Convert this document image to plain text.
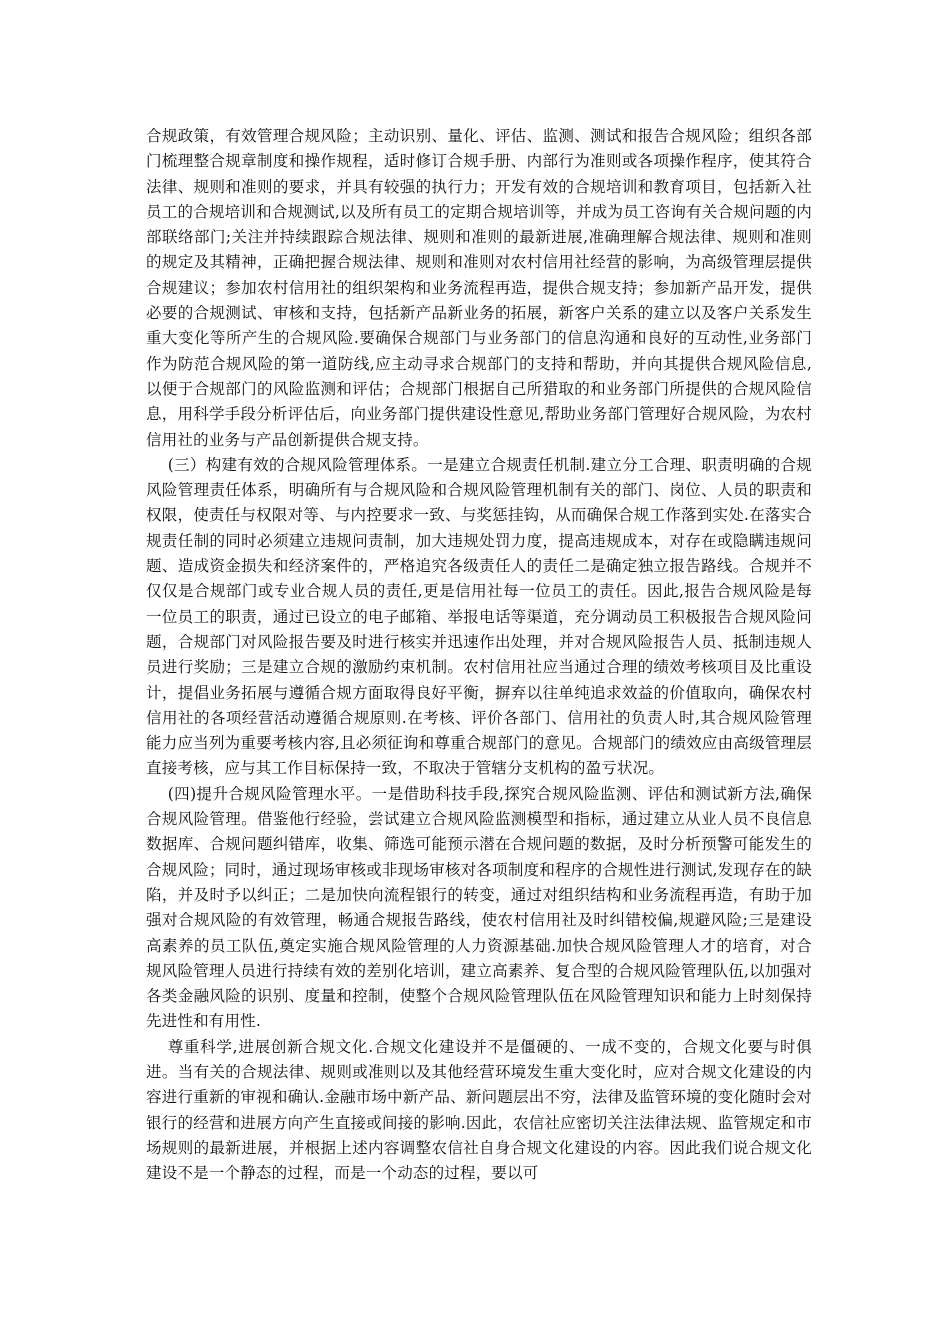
合规政策，有效管理合规风险；主动识别、量化、评估、监测、测试和报告合规风险；组织各部门梳理整合规章制度和操作规程，适时修订合规手册、内部行为准则或各项操作程序，使其符合法律、规则和准则的要求，并具有较强的执行力；开发有效的合规培训和教育项目，包括新入社员工的合规培训和合规测试,以及所有员工的定期合规培训等，并成为员工咨询有关合规问题的内部联络部门;关注并持续跟踪合规法律、规则和准则的最新进展,准确理解合规法律、规则和准则的规定及其精神，正确把握合规法律、规则和准则对农村信用社经营的影响，为高级管理层提供合规建议；参加农村信用社的组织架构和业务流程再造，提供合规支持；参加新产品开发，提供必要的合规测试、审核和支持，包括新产品新业务的拓展，新客户关系的建立以及客户关系发生重大变化等所产生的合规风险.要确保合规部门与业务部门的信息沟通和良好的互动性,业务部门作为防范合规风险的第一道防线,应主动寻求合规部门的支持和帮助，并向其提供合规风险信息,以便于合规部门的风险监测和评估；合规部门根据自己所猎取的和业务部门所提供的合规风险信息，用科学手段分析评估后，向业务部门提供建设性意见,帮助业务部门管理好合规风险，为农村信用社的业务与产品创新提供合规支持。

(三）构建有效的合规风险管理体系。一是建立合规责任机制.建立分工合理、职责明确的合规风险管理责任体系，明确所有与合规风险和合规风险管理机制有关的部门、岗位、人员的职责和权限，使责任与权限对等、与内控要求一致、与奖惩挂钩，从而确保合规工作落到实处.在落实合规责任制的同时必须建立违规问责制，加大违规处罚力度，提高违规成本，对存在或隐瞒违规问题、造成资金损失和经济案件的，严格追究各级责任人的责任二是确定独立报告路线。合规并不仅仅是合规部门或专业合规人员的责任,更是信用社每一位员工的责任。因此,报告合规风险是每一位员工的职责，通过已设立的电子邮箱、举报电话等渠道，充分调动员工积极报告合规风险问题，合规部门对风险报告要及时进行核实并迅速作出处理，并对合规风险报告人员、抵制违规人员进行奖励；三是建立合规的激励约束机制。农村信用社应当通过合理的绩效考核项目及比重设计，提倡业务拓展与遵循合规方面取得良好平衡，摒弃以往单纯追求效益的价值取向，确保农村信用社的各项经营活动遵循合规原则.在考核、评价各部门、信用社的负责人时,其合规风险管理能力应当列为重要考核内容,且必须征询和尊重合规部门的意见。合规部门的绩效应由高级管理层直接考核，应与其工作目标保持一致，不取决于管辖分支机构的盈亏状况。

(四)提升合规风险管理水平。一是借助科技手段,探究合规风险监测、评估和测试新方法,确保合规风险管理。借鉴他行经验，尝试建立合规风险监测模型和指标，通过建立从业人员不良信息数据库、合规问题纠错库，收集、筛选可能预示潜在合规问题的数据，及时分析预警可能发生的合规风险；同时，通过现场审核或非现场审核对各项制度和程序的合规性进行测试,发现存在的缺陷，并及时予以纠正；二是加快向流程银行的转变，通过对组织结构和业务流程再造，有助于加强对合规风险的有效管理，畅通合规报告路线，使农村信用社及时纠错校偏,规避风险;三是建设高素养的员工队伍,奠定实施合规风险管理的人力资源基础.加快合规风险管理人才的培育，对合规风险管理人员进行持续有效的差别化培训，建立高素养、复合型的合规风险管理队伍,以加强对各类金融风险的识别、度量和控制，使整个合规风险管理队伍在风险管理知识和能力上时刻保持先进性和有用性.

尊重科学,进展创新合规文化.合规文化建设并不是僵硬的、一成不变的，合规文化要与时俱进。当有关的合规法律、规则或准则以及其他经营环境发生重大变化时，应对合规文化建设的内容进行重新的审视和确认.金融市场中新产品、新问题层出不穷，法律及监管环境的变化随时会对银行的经营和进展方向产生直接或间接的影响.因此，农信社应密切关注法律法规、监管规定和市场规则的最新进展，并根据上述内容调整农信社自身合规文化建设的内容。因此我们说合规文化建设不是一个静态的过程，而是一个动态的过程，要以可
